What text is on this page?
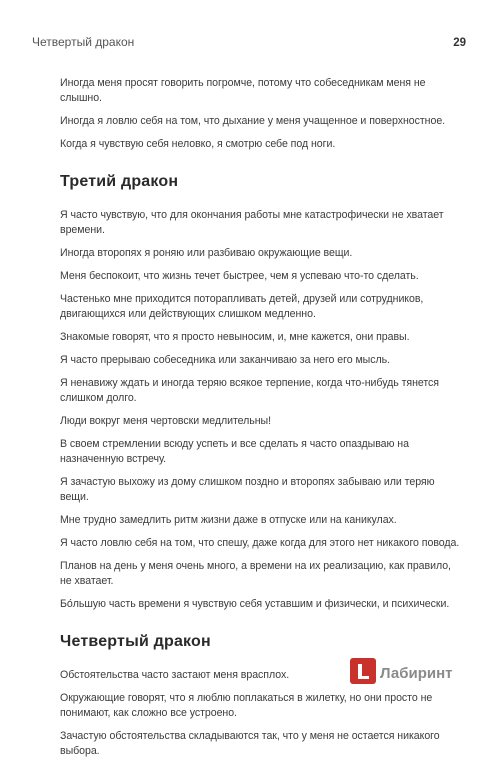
Четвертый дракон	29

Иногда меня просят говорить погромче, потому что собеседникам меня не слышно.

Иногда я ловлю себя на том, что дыхание у меня учащенное и поверхностное.

Когда я чувствую себя неловко, я смотрю себе под ноги.

Третий дракон

Я часто чувствую, что для окончания работы мне катастрофически не хватает времени.

Иногда второпях я роняю или разбиваю окружающие вещи.

Меня беспокоит, что жизнь течет быстрее, чем я успеваю что-то сделать.

Частенько мне приходится поторапливать детей, друзей или сотрудников, двигающихся или действующих слишком медленно.

Знакомые говорят, что я просто невыносим, и, мне кажется, они правы.

Я часто прерываю собеседника или заканчиваю за него его мысль.

Я ненавижу ждать и иногда теряю всякое терпение, когда что-нибудь тянется слишком долго.

Люди вокруг меня чертовски медлительны!

В своем стремлении всюду успеть и все сделать я часто опаздываю на назначенную встречу.

Я зачастую выхожу из дому слишком поздно и второпях забываю или теряю вещи.

Мне трудно замедлить ритм жизни даже в отпуске или на каникулах.

Я часто ловлю себя на том, что спешу, даже когда для этого нет никакого повода.

Планов на день у меня очень много, а времени на их реализацию, как правило, не хватает.

Бо́льшую часть времени я чувствую себя уставшим и физически, и психически.

Четвертый дракон

Обстоятельства часто застают меня врасплох.

Окружающие говорят, что я люблю поплакаться в жилетку, но они просто не понимают, как сложно все устроено.

Зачастую обстоятельства складываются так, что у меня не остается никакого выбора.

Лабиринт
